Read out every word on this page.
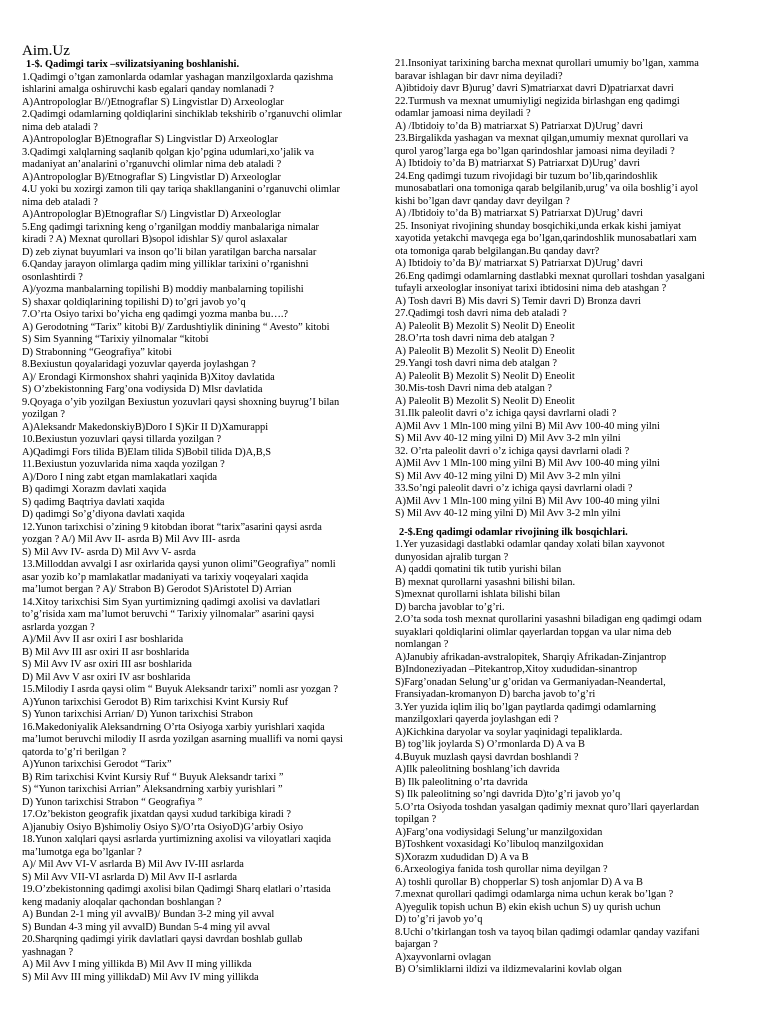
Aim.Uz
1-$. Qadimgi tarix –svilizatsiyaning boshlanishi.
1.Qadimgi o’tgan zamonlarda odamlar yashagan manzilgoxlarda qazishma
ishlarini amalga oshiruvchi kasb egalari qanday nomlanadi ?
A)Antropologlar B//)Etnograflar S) Lingvistlar D) Arxeologlar
2.Qadimgi odamlarning qoldiqlarini sinchiklab tekshirib o’rganuvchi olimlar
nima deb ataladi ?
A)Antropologlar B)Etnograflar S) Lingvistlar D) Arxeologlar
3.Qadimgi xalqlarning saqlanib qolgan kjo’pgina udumlari,xo’jalik va
madaniyat an’analarini o’rganuvchi olimlar nima deb ataladi ?
A)Antropologlar B)/Etnograflar S) Lingvistlar D) Arxeologlar
4.U yoki bu xozirgi zamon tili qay tariqa shakllanganini o’rganuvchi olimlar
nima deb ataladi ?
A)Antropologlar B)Etnograflar S/) Lingvistlar D) Arxeologlar
5.Eng qadimgi tarixning keng o’rganilgan moddiy manbalariga nimalar
kiradi ? A) Mexnat qurollari B)sopol idishlar S)/ qurol aslaxalar
D) zeb ziynat buyumlari va inson qo’li bilan yaratilgan barcha narsalar
6.Qanday jarayon olimlarga qadim ming yilliklar tarixini o’rganishni
osonlashtirdi ?
A)/yozma manbalarning topilishi B) moddiy manbalarning topilishi
S) shaxar qoldiqlarining topilishi D) to’gri javob yo’q
7.O’rta Osiyo tarixi bo’yicha eng qadimgi yozma manba bu….?
A) Gerodotning “Tarix” kitobi B)/ Zardushtiylik dinining “ Avesto” kitobi
S) Sim Syanning “Tarixiy yilnomalar “kitobi
D) Strabonning “Geografiya” kitobi
8.Bexiustun qoyalaridagi yozuvlar qayerda joylashgan ?
A)/ Erondagi Kirmonshox shahri yaqinida B)Xitoy davlatida
S) O’zbekistonning Farg’ona vodiysida D) Mlsr davlatida
9.Qoyaga o’yib yozilgan Bexiustun yozuvlari qaysi shoxning buyrug’I bilan
yozilgan ?
A)Aleksandr MakedonskiyB)Doro I S)Kir II D)Xamurappi
10.Bexiustun yozuvlari qaysi tillarda yozilgan ?
A)Qadimgi Fors tilida B)Elam tilida S)Bobil tilida D)A,B,S
11.Bexiustun yozuvlarida nima xaqda yozilgan ?
A)/Doro I ning zabt etgan mamlakatlari xaqida
B) qadimgi Xorazm davlati xaqida
S) qadimg Baqtriya davlati xaqida
D) qadimgi So’g’diyona davlati xaqida
12.Yunon tarixchisi o’zining 9 kitobdan iborat “tarix”asarini qaysi asrda
yozgan ? A/) Mil Avv II- asrda B) Mil Avv III- asrda
S) Mil Avv IV- asrda D) Mil Avv V- asrda
13.Milloddan avvalgi I asr oxirlarida qaysi yunon olimi”Geografiya” nomli
asar yozib ko’p mamlakatlar madaniyati va tarixiy voqeyalari xaqida
ma’lumot bergan ? A)/ Strabon B) Gerodot S)Aristotel D) Arrian
14.Xitoy tarixchisi Sim Syan yurtimizning qadimgi axolisi va davlatlari
to’g’risida xam ma’lumot beruvchi “ Tarixiy yilnomalar” asarini qaysi
asrlarda yozgan ?
A)/Mil Avv II asr oxiri I asr boshlarida
B) Mil Avv III asr oxiri II asr boshlarida
S) Mil Avv IV asr oxiri III asr boshlarida
D) Mil Avv V asr oxiri IV asr boshlarida
15.Milodiy I asrda qaysi olim “ Buyuk Aleksandr tarixi” nomli asr yozgan ?
A)Yunon tarixchisi Gerodot B) Rim tarixchisi Kvint Kursiy Ruf
S) Yunon tarixchisi Arrian/ D) Yunon tarixchisi Strabon
16.Makedoniyalik Aleksandrning O’rta Osiyoga xarbiy yurishlari xaqida
ma’lumot beruvchi milodiy II asrda yozilgan asarning muallifi va nomi qaysi
qatorda to’g’ri berilgan ?
A)Yunon tarixchisi Gerodot “Tarix”
B) Rim tarixchisi Kvint Kursiy Ruf “ Buyuk Aleksandr tarixi ”
S) “Yunon tarixchisi Arrian” Aleksandrning xarbiy yurishlari ”
D) Yunon tarixchisi Strabon “ Geografiya ”
17.Oz’bekiston geografik jixatdan qaysi xudud tarkibiga kiradi ?
A)janubiy Osiyo B)shimoliy Osiyo S)/O’rta OsiyoD)G’arbiy Osiyo
18.Yunon xalqlari qaysi asrlarda yurtimizning axolisi va viloyatlari xaqida
ma’lumotga ega bo’lganlar ?
A)/ Mil Avv VI-V asrlarda B) Mil Avv IV-III asrlarda
S) Mil Avv VII-VI asrlarda D) Mil Avv II-I asrlarda
19.O’zbekistonning qadimgi axolisi bilan Qadimgi Sharq elatlari o’rtasida
keng madaniy aloqalar qachondan boshlangan ?
A) Bundan 2-1 ming yil avvalB)/ Bundan 3-2 ming yil avval
S) Bundan 4-3 ming yil avvalD) Bundan 5-4 ming yil avval
20.Sharqning qadimgi yirik davlatlari qaysi davrdan boshlab gullab
yashnagan ?
A) Mil Avv I ming yillikda B) Mil Avv II ming yillikda
S) Mil Avv III ming yillikdaD) Mil Avv IV ming yillikda
21.Insoniyat tarixining barcha mexnat qurollari umumiy bo’lgan, xamma
baravar ishlagan bir davr nima deyiladi?
A)ibtidoiy davr B)urug’ davri S)matriarxat davri D)patriarxat davri
22.Turmush va mexnat umumiyligi negizida birlashgan eng qadimgi
odamlar jamoasi nima deyiladi ?
A) /Ibtidoiy to’da B) matriarxat S) Patriarxat D)Urug’ davri
23.Birgalikda yashagan va mexnat qilgan,umumiy mexnat qurollari va
qurol yarog’larga ega bo’lgan qarindoshlar jamoasi nima deyiladi ?
A) Ibtidoiy to’da B) matriarxat S) Patriarxat D)Urug’ davri
24.Eng qadimgi tuzum rivojidagi bir tuzum bo’lib,qarindoshlik
munosabatlari ona tomoniga qarab belgilanib,urug’ va oila boshlig’i ayol
kishi bo’lgan davr qanday davr deyilgan ?
A) /Ibtidoiy to’da B) matriarxat S) Patriarxat D)Urug’ davri
25. Insoniyat rivojining shunday bosqichiki,unda erkak kishi jamiyat
xayotida yetakchi mavqega ega bo’lgan,qarindoshlik munosabatlari xam
ota tomoniga qarab belgilangan.Bu qanday davr?
A) Ibtidoiy to’da B)/ matriarxat S) Patriarxat D)Urug’ davri
26.Eng qadimgi odamlarning dastlabki mexnat qurollari toshdan yasalgani
tufayli arxeologlar insoniyat tarixi ibtidosini nima deb atashgan ?
A) Tosh davri B) Mis davri S) Temir davri D) Bronza davri
27.Qadimgi tosh davri nima deb ataladi ?
A) Paleolit B) Mezolit S) Neolit D) Eneolit
28.O’rta tosh davri nima deb atalgan ?
A) Paleolit B) Mezolit S) Neolit D) Eneolit
29.Yangi tosh davri nima deb atalgan ?
A) Paleolit B) Mezolit S) Neolit D) Eneolit
30.Mis-tosh Davri nima deb atalgan ?
A) Paleolit B) Mezolit S) Neolit D) Eneolit
31.Ilk paleolit davri o’z ichiga qaysi davrlarni oladi ?
A)Mil Avv 1 Mln-100 ming yilni B) Mil Avv 100-40 ming yilni
S) Mil Avv 40-12 ming yilni D) Mil Avv 3-2 mln yilni
32. O’rta paleolit davri o’z ichiga qaysi davrlarni oladi ?
A)Mil Avv 1 Mln-100 ming yilni B) Mil Avv 100-40 ming yilni
S) Mil Avv 40-12 ming yilni D) Mil Avv 3-2 mln yilni
33.So’ngi paleolit davri o’z ichiga qaysi davrlarni oladi ?
A)Mil Avv 1 Mln-100 ming yilni B) Mil Avv 100-40 ming yilni
S) Mil Avv 40-12 ming yilni D) Mil Avv 3-2 mln yilni
2-$.Eng qadimgi odamlar rivojining ilk bosqichlari.
1.Yer yuzasidagi dastlabki odamlar qanday xolati bilan xayvonot
dunyosidan ajralib turgan ?
A) qaddi qomatini tik tutib yurishi bilan
B) mexnat qurollarni yasashni bilishi bilan.
S)mexnat qurollarni ishlata bilishi bilan
D) barcha javoblar to’g’ri.
2.O’ta soda tosh mexnat qurollarini yasashni biladigan eng qadimgi odam
suyaklari qoldiqlarini olimlar qayerlardan topgan va ular nima deb
nomlangan ?
A)Janubiy afrikadan-avstralopitek, Sharqiy Afrikadan-Zinjantrop
B)Indoneziyadan –Pitekantrop,Xitoy xududidan-sinantrop
S)Farg’onadan Selung’ur g’oridan va Germaniyadan-Neandertal,
Fransiyadan-kromanyon D) barcha javob to’g’ri
3.Yer yuzida iqlim iliq bo’lgan paytlarda qadimgi odamlarning
manzilgoxlari qayerda joylashgan edi ?
A)Kichkina daryolar va soylar yaqinidagi tepaliklarda.
B) tog’lik joylarda S) O’rmonlarda D) A va B
4.Buyuk muzlash qaysi davrdan boshlandi ?
A)Ilk paleolitning boshlang’ich davrida
B) Ilk paleolitning o’rta davrida
S) Ilk paleolitning so’ngi davrida D)to’g’ri javob yo’q
5.O’rta Osiyoda toshdan yasalgan qadimiy mexnat quro’llari qayerlardan
topilgan ?
A)Farg’ona vodiysidagi Selung’ur manzilgoxidan
B)Toshkent voxasidagi Ko’libuloq manzilgoxidan
S)Xorazm xududidan D) A va B
6.Arxeologiya fanida tosh qurollar nima deyilgan ?
A) toshli qurollar B) chopperlar S) tosh anjomlar D) A va B
7.mexnat qurollari qadimgi odamlarga nima uchun kerak bo’lgan ?
A)yegulik topish uchun B) ekin ekish uchun S) uy qurish uchun
D) to’g’ri javob yo’q
8.Uchi o’tkirlangan tosh va tayoq bilan qadimgi odamlar qanday vazifani
bajargan ?
A)xayvonlarni ovlagan
B) O’simliklarni ildizi va ildizmevalarini kovlab olgan
